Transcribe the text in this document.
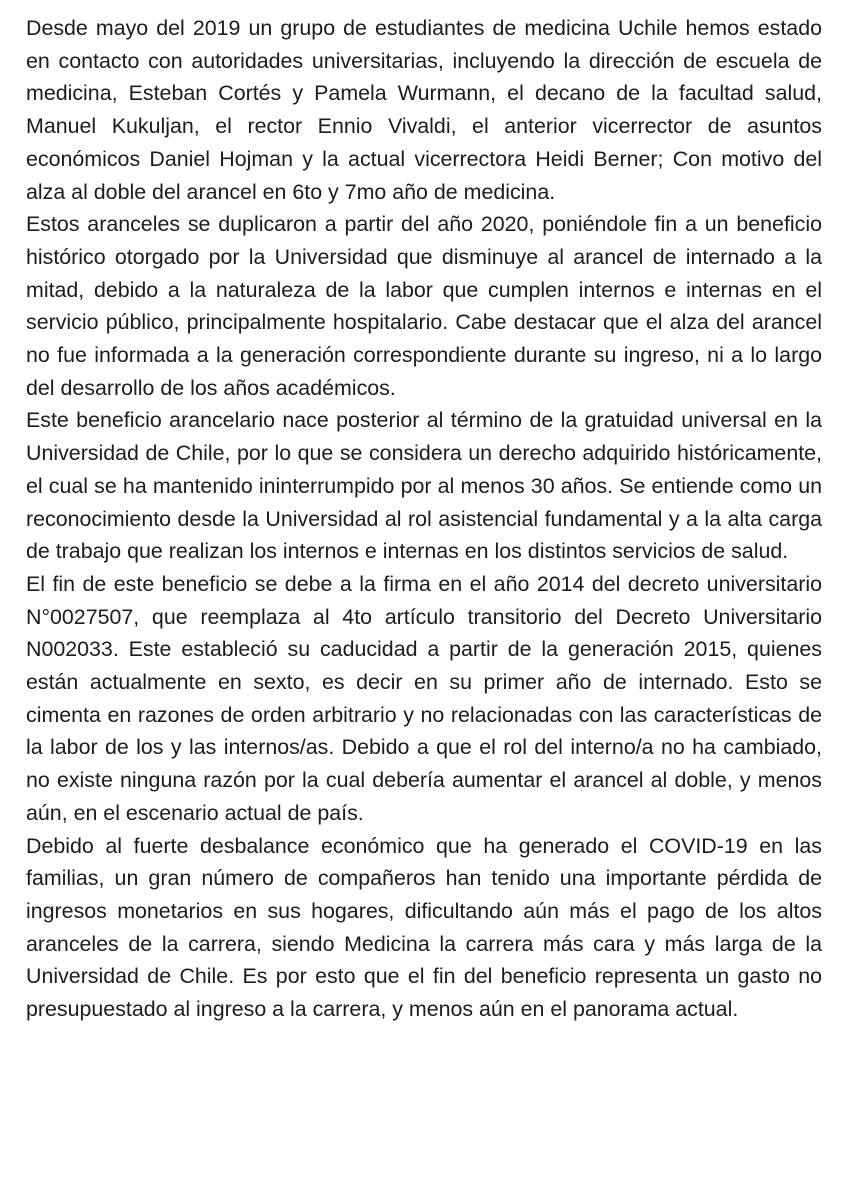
Desde mayo del 2019 un grupo de estudiantes de medicina Uchile hemos estado en contacto con autoridades universitarias, incluyendo la dirección de escuela de medicina, Esteban Cortés y Pamela Wurmann, el decano de la facultad salud, Manuel Kukuljan, el rector Ennio Vivaldi, el anterior vicerrector de asuntos económicos Daniel Hojman y la actual vicerrectora Heidi Berner; Con motivo del alza al doble del arancel en 6to y 7mo año de medicina.

Estos aranceles se duplicaron a partir del año 2020, poniéndole fin a un beneficio histórico otorgado por la Universidad que disminuye al arancel de internado a la mitad, debido a la naturaleza de la labor que cumplen internos e internas en el servicio público, principalmente hospitalario. Cabe destacar que el alza del arancel no fue informada a la generación correspondiente durante su ingreso, ni a lo largo del desarrollo de los años académicos.

Este beneficio arancelario nace posterior al término de la gratuidad universal en la Universidad de Chile, por lo que se considera un derecho adquirido históricamente, el cual se ha mantenido ininterrumpido por al menos 30 años. Se entiende como un reconocimiento desde la Universidad al rol asistencial fundamental y a la alta carga de trabajo que realizan los internos e internas en los distintos servicios de salud.

El fin de este beneficio se debe a la firma en el año 2014 del decreto universitario N°0027507, que reemplaza al 4to artículo transitorio del Decreto Universitario N002033. Este estableció su caducidad a partir de la generación 2015, quienes están actualmente en sexto, es decir en su primer año de internado. Esto se cimenta en razones de orden arbitrario y no relacionadas con las características de la labor de los y las internos/as. Debido a que el rol del interno/a no ha cambiado, no existe ninguna razón por la cual debería aumentar el arancel al doble, y menos aún, en el escenario actual de país.

Debido al fuerte desbalance económico que ha generado el COVID-19 en las familias, un gran número de compañeros han tenido una importante pérdida de ingresos monetarios en sus hogares, dificultando aún más el pago de los altos aranceles de la carrera, siendo Medicina la carrera más cara y más larga de la Universidad de Chile. Es por esto que el fin del beneficio representa un gasto no presupuestado al ingreso a la carrera, y menos aún en el panorama actual.
